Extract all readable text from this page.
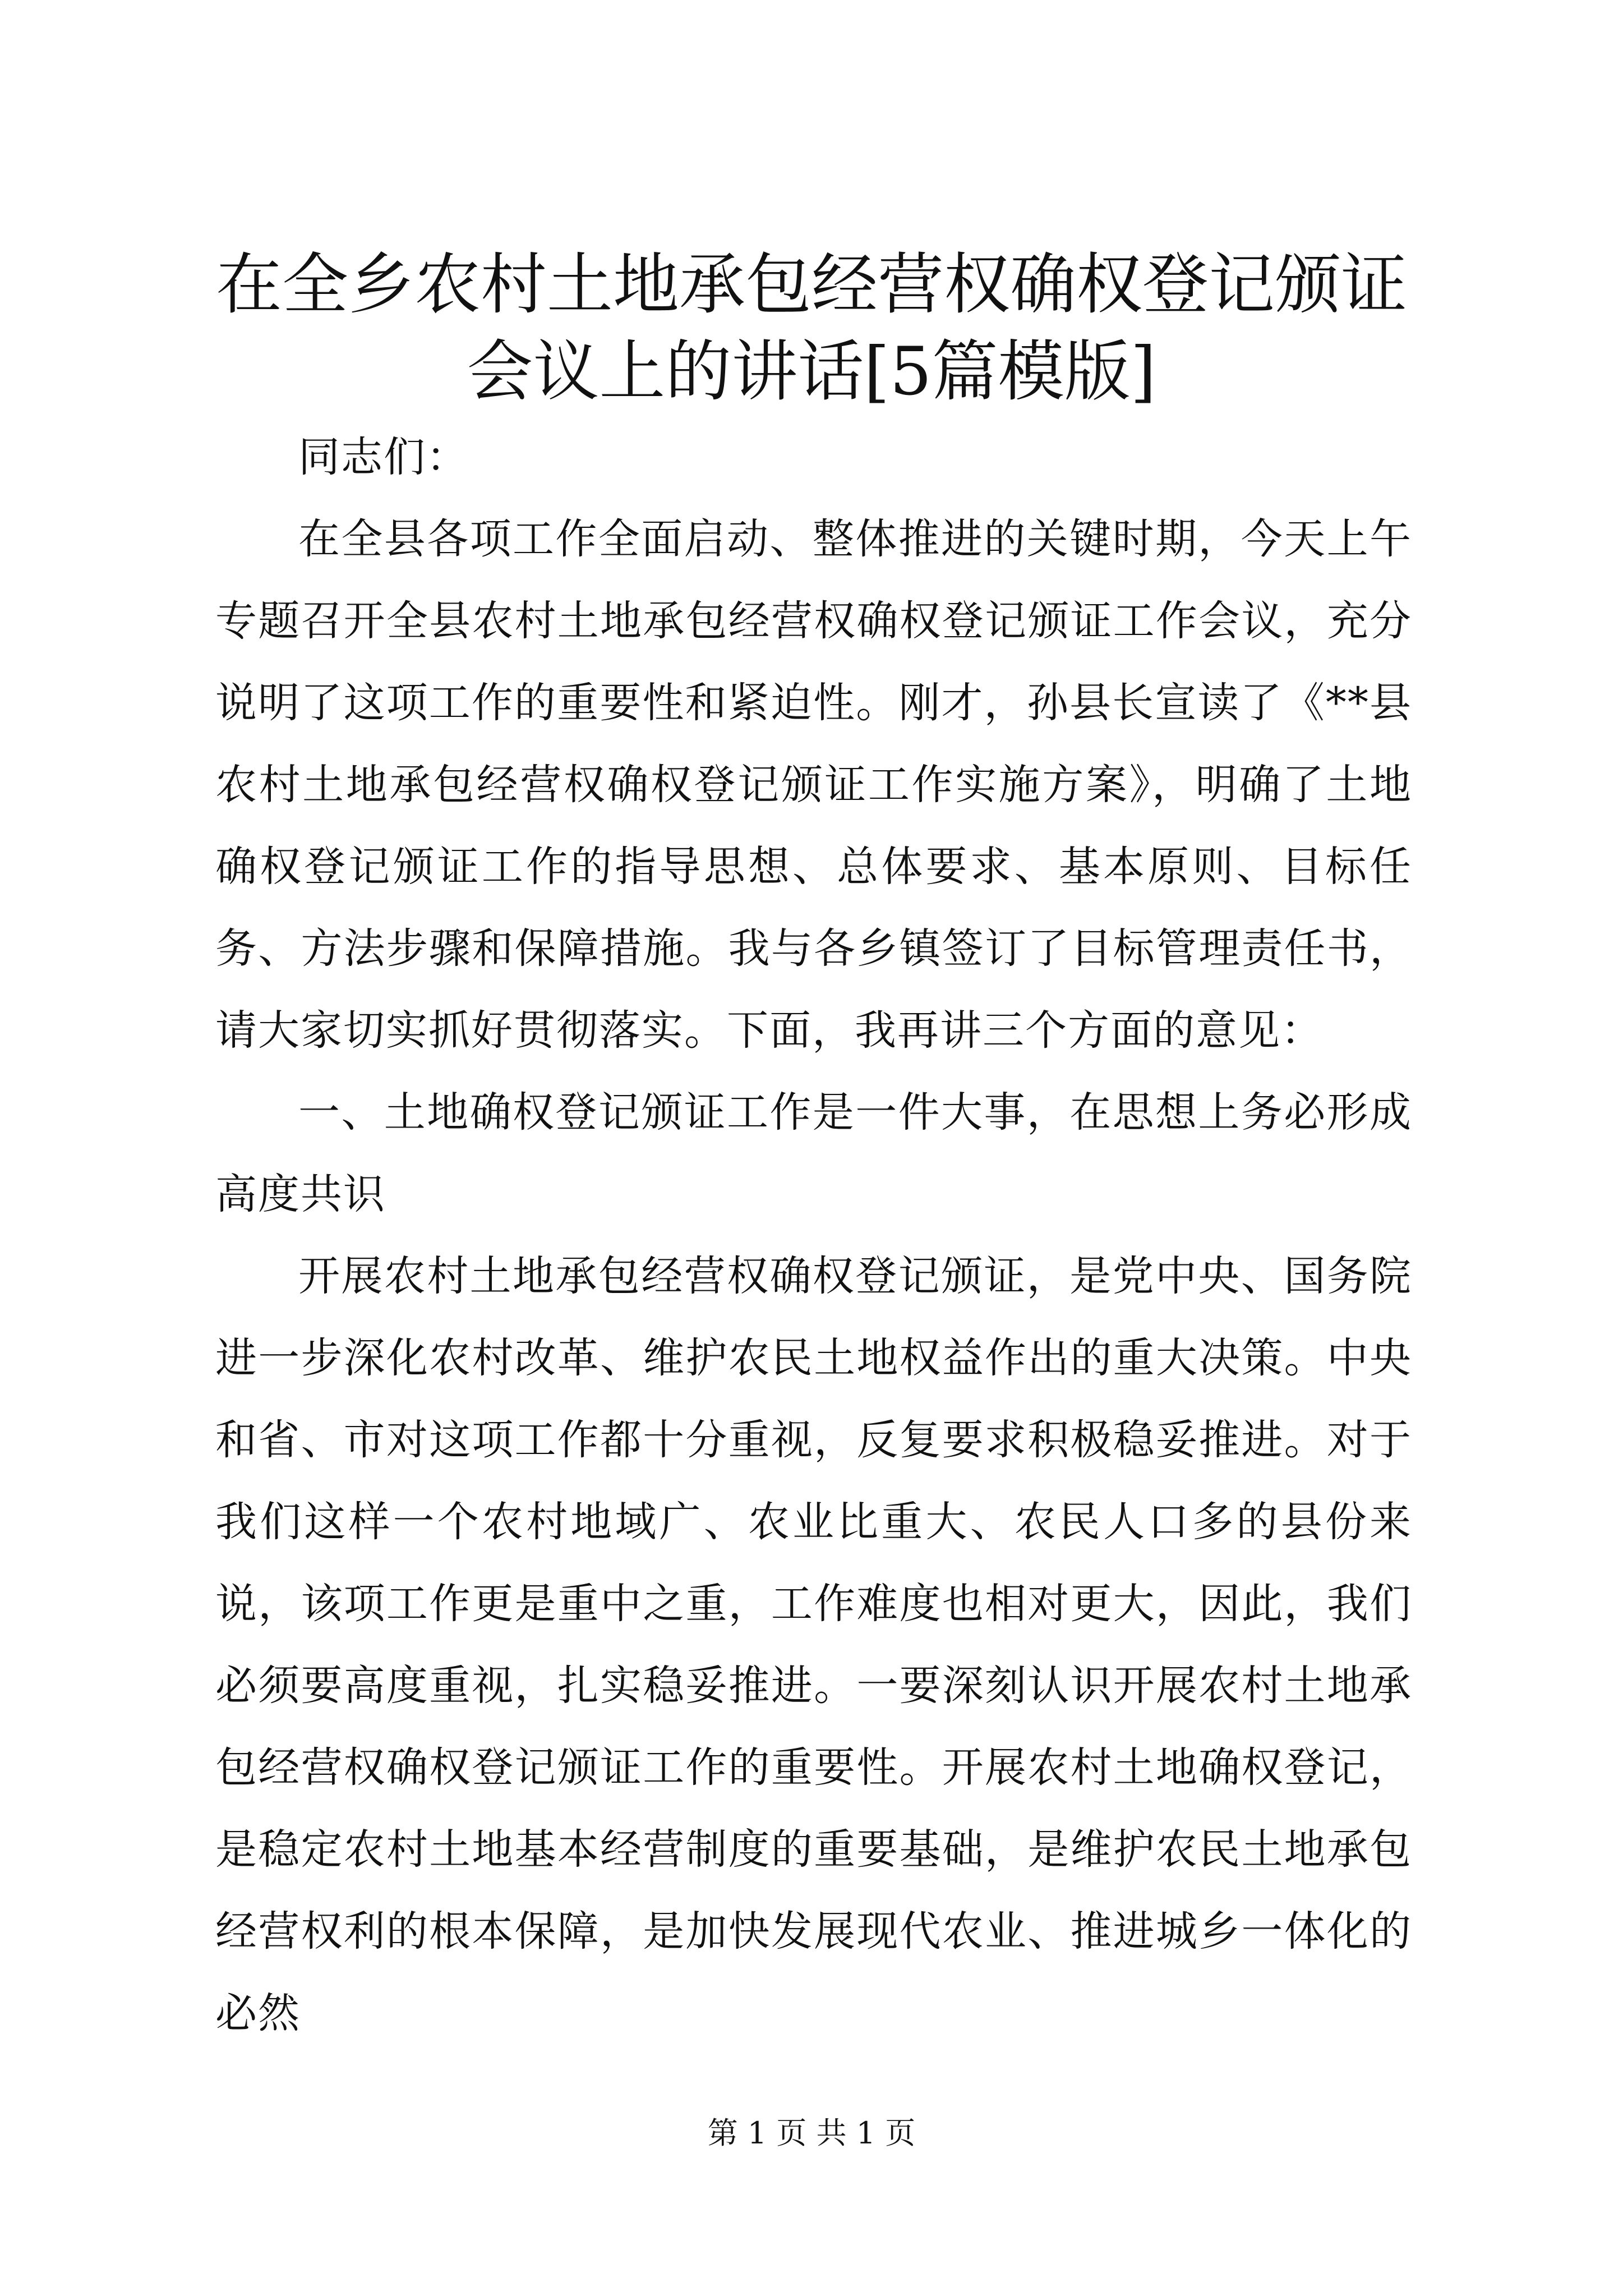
在全乡农村土地承包经营权确权登记颁证会议上的讲话[5篇模版]

同志们：

在全县各项工作全面启动、整体推进的关键时期，今天上午专题召开全县农村土地承包经营权确权登记颁证工作会议，充分说明了这项工作的重要性和紧迫性。刚才，孙县长宣读了《**县农村土地承包经营权确权登记颁证工作实施方案》，明确了土地确权登记颁证工作的指导思想、总体要求、基本原则、目标任务、方法步骤和保障措施。我与各乡镇签订了目标管理责任书，请大家切实抓好贯彻落实。下面，我再讲三个方面的意见：

一、土地确权登记颁证工作是一件大事，在思想上务必形成高度共识

开展农村土地承包经营权确权登记颁证，是党中央、国务院进一步深化农村改革、维护农民土地权益作出的重大决策。中央和省、市对这项工作都十分重视，反复要求积极稳妥推进。对于我们这样一个农村地域广、农业比重大、农民人口多的县份来说，该项工作更是重中之重，工作难度也相对更大，因此，我们必须要高度重视，扎实稳妥推进。一要深刻认识开展农村土地承包经营权确权登记颁证工作的重要性。开展农村土地确权登记，是稳定农村土地基本经营制度的重要基础，是维护农民土地承包经营权利的根本保障，是加快发展现代农业、推进城乡一体化的必然

第 1 页 共 1 页
